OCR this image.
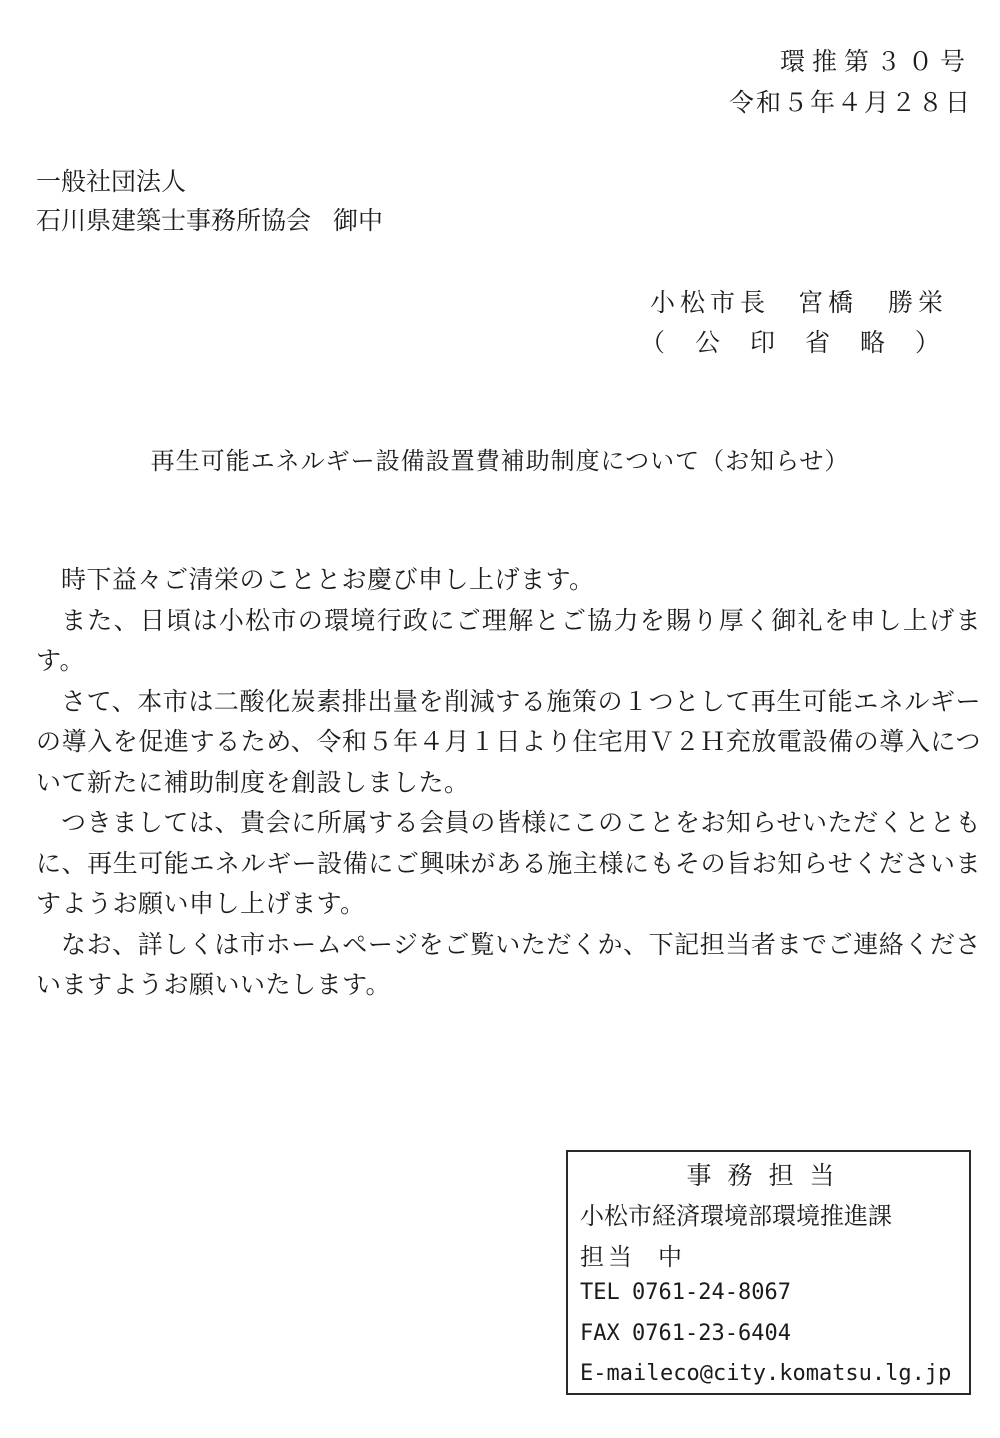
環推第３０号
令和５年４月２８日
一般社団法人
石川県建築士事務所協会 御中
小松市長 宮橋　勝栄
（ 公 印 省 略 ）
再生可能エネルギー設備設置費補助制度について（お知らせ）

時下益々ご清栄のこととお慶び申し上げます。

また、日頃は小松市の環境行政にご理解とご協力を賜り厚く御礼を申し上げます。

さて、本市は二酸化炭素排出量を削減する施策の１つとして再生可能エネルギーの導入を促進するため、令和５年４月１日より住宅用Ｖ２Ｈ充放電設備の導入について新たに補助制度を創設しました。

つきましては、貴会に所属する会員の皆様にこのことをお知らせいただくとともに、再生可能エネルギー設備にご興味がある施主様にもその旨お知らせくださいますようお願い申し上げます。

なお、詳しくは市ホームページをご覧いただくか、下記担当者までご連絡くださいますようお願いいたします。

事務担当
小松市経済環境部環境推進課
担当 中
TEL 0761-24-8067
FAX 0761-23-6404
E-maileco@city.komatsu.lg.jp
